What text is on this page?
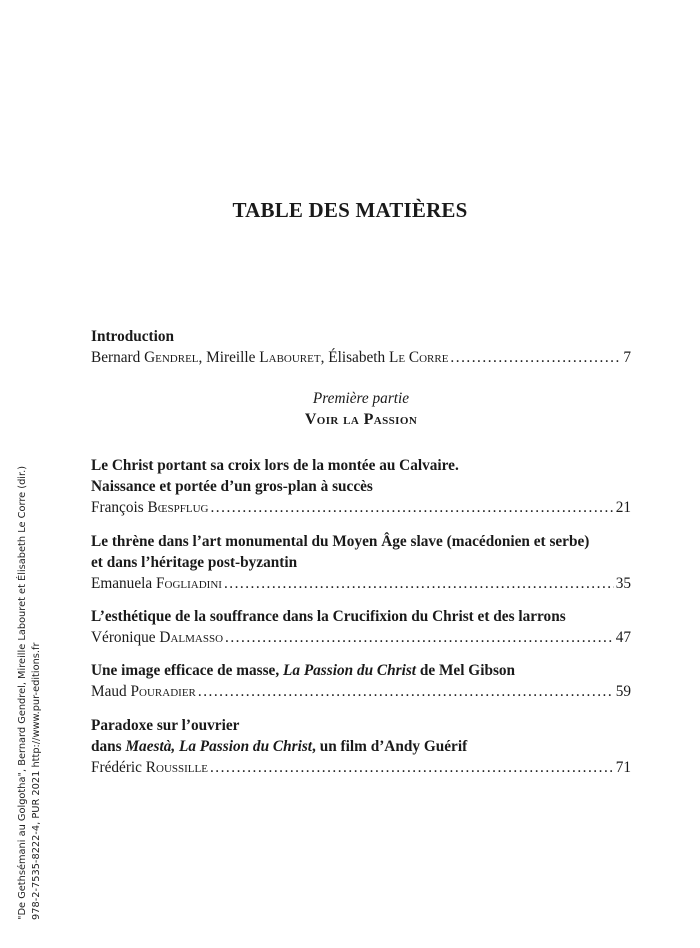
TABLE DES MATIÈRES
Introduction
Bernard Gendrel, Mireille Labouret, Élisabeth Le Corre .....	7
Première partie
Voir la Passion
Le Christ portant sa croix lors de la montée au Calvaire.
Naissance et portée d’un gros-plan à succès
François Bœspflug .....	21
Le thrène dans l’art monumental du Moyen Âge slave (macédonien et serbe)
et dans l’héritage post-byzantin
Emanuela Fogliadini .....	35
L’esthétique de la souffrance dans la Crucifixion du Christ et des larrons
Véronique Dalmasso .....	47
Une image efficace de masse, La Passion du Christ de Mel Gibson
Maud Pouradier .....	59
Paradoxe sur l’ouvrier
dans Maestà, La Passion du Christ, un film d’Andy Guérif
Frédéric Roussille .....	71
"De Gethsémani au Golgotha", Bernard Gendrel, Mireille Labouret et Élisabeth Le Corre (dir.) 978-2-7535-8222-4, PUR 2021 http://www.pur-editions.fr
